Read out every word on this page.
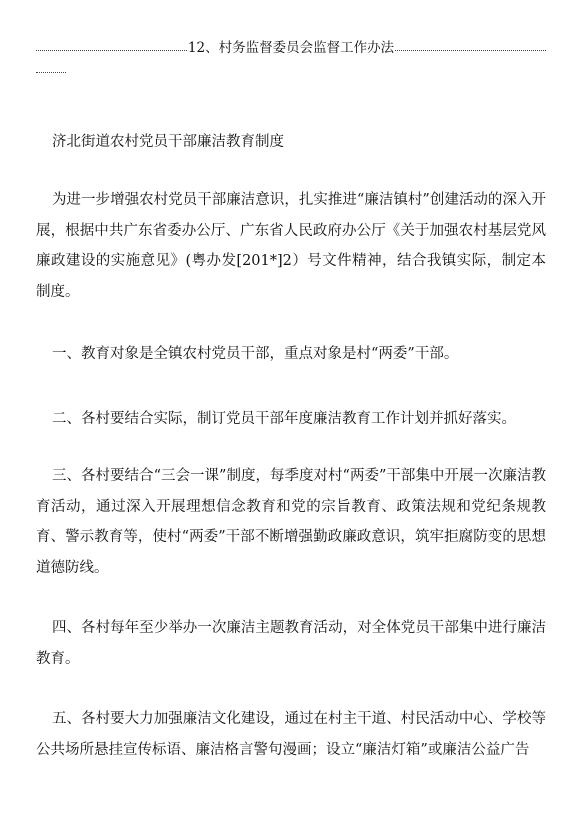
12、村务监督委员会监督工作办法
济北街道农村党员干部廉洁教育制度

为进一步增强农村党员干部廉洁意识，扎实推进“廉洁镇村”创建活动的深入开展，根据中共广东省委办公厅、广东省人民政府办公厅《关于加强农村基层党风廉政建设的实施意见》(粤办发[201*]2）号文件精神，结合我镇实际，制定本制度。

一、教育对象是全镇农村党员干部，重点对象是村“两委”干部。

二、各村要结合实际，制订党员干部年度廉洁教育工作计划并抓好落实。

三、各村要结合“三会一课”制度，每季度对村“两委”干部集中开展一次廉洁教育活动，通过深入开展理想信念教育和党的宗旨教育、政策法规和党纪条规教育、警示教育等，使村“两委”干部不断增强勤政廉政意识，筑牢拒腐防变的思想道德防线。

四、各村每年至少举办一次廉洁主题教育活动，对全体党员干部集中进行廉洁教育。

五、各村要大力加强廉洁文化建设，通过在村主干道、村民活动中心、学校等公共场所悬挂宣传标语、廉洁格言警句漫画；设立“廉洁灯箱”或廉洁公益广告
